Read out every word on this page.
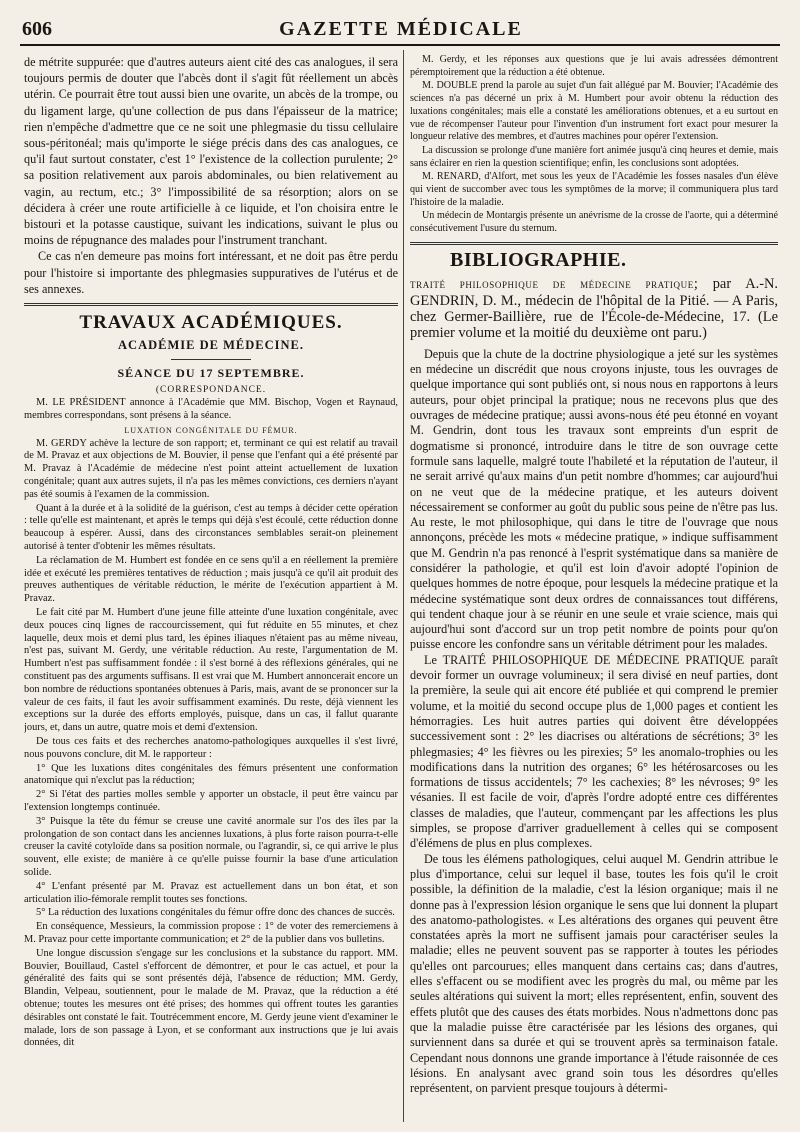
606	GAZETTE MÉDICALE

de métrite suppurée: que d'autres auteurs aient cité des cas analogues, il sera toujours permis de douter que l'abcès dont il s'agit fût réellement un abcès utérin. Ce pourrait être tout aussi bien une ovarite, un abcès de la trompe, ou du ligament large, qu'une collection de pus dans l'épaisseur de la matrice; rien n'empêche d'admettre que ce ne soit une phlegmasie du tissu cellulaire sous-péritonéal; mais qu'importe le siége précis dans des cas analogues, ce qu'il faut surtout constater, c'est 1° l'existence de la collection purulente; 2° sa position relativement aux parois abdominales, ou bien relativement au vagin, au rectum, etc.; 3° l'impossibilité de sa résorption; alors on se décidera à créer une route artificielle à ce liquide, et l'on choisira entre le bistouri et la potasse caustique, suivant les indications, suivant le plus ou moins de répugnance des malades pour l'instrument tranchant.

Ce cas n'en demeure pas moins fort intéressant, et ne doit pas être perdu pour l'histoire si importante des phlegmasies suppuratives de l'utérus et de ses annexes.

TRAVAUX ACADÉMIQUES.
ACADÉMIE DE MÉDECINE.
SÉANCE DU 17 SEPTEMBRE.
(CORRESPONDANCE.

M. LE PRÉSIDENT annonce à l'Académie que MM. Bischop, Vogen et Raynaud, membres correspondans, sont présens à la séance.

LUXATION CONGÉNITALE DU FÉMUR.

M. GERDY achève la lecture de son rapport; et, terminant ce qui est relatif au travail de M. Pravaz et aux objections de M. Bouvier, il pense que l'enfant qui a été présenté par M. Pravaz à l'Académie de médecine n'est point atteint actuellement de luxation congénitale; quant aux autres sujets, il n'a pas les mêmes convictions, ces derniers n'ayant pas été soumis à l'examen de la commission.

Quant à la durée et à la solidité de la guérison, c'est au temps à décider cette opération : telle qu'elle est maintenant, et après le temps qui déjà s'est écoulé, cette réduction donne beaucoup à espérer. Aussi, dans des circonstances semblables serait-on pleinement autorisé à tenter d'obtenir les mêmes résultats.

La réclamation de M. Humbert est fondée en ce sens qu'il a en réellement la première idée et exécuté les premières tentatives de réduction ; mais jusqu'à ce qu'il ait produit des preuves authentiques de véritable réduction, le mérite de l'exécution appartient à M. Pravaz.

Le fait cité par M. Humbert d'une jeune fille atteinte d'une luxation congénitale, avec deux pouces cinq lignes de raccourcissement, qui fut réduite en 55 minutes, et chez laquelle, deux mois et demi plus tard, les épines iliaques n'étaient pas au même niveau, n'est pas, suivant M. Gerdy, une véritable réduction. Au reste, l'argumentation de M. Humbert n'est pas suffisamment fondée : il s'est borné à des réflexions générales, qui ne constituent pas des arguments suffisans. Il est vrai que M. Humbert annoncerait encore un bon nombre de réductions spontanées obtenues à Paris, mais, avant de se prononcer sur la valeur de ces faits, il faut les avoir suffisamment examinés. Du reste, déjà viennent les exceptions sur la durée des efforts employés, puisque, dans un cas, il fallut quarante jours, et, dans un autre, quatre mois et demi d'extension.

De tous ces faits et des recherches anatomo-pathologiques auxquelles il s'est livré, nous pouvons conclure, dit M. le rapporteur :

1° Que les luxations dites congénitales des fémurs présentent une conformation anatomique qui n'exclut pas la réduction;

2° Si l'état des parties molles semble y apporter un obstacle, il peut être vaincu par l'extension longtemps continuée.

3° Puisque la tête du fémur se creuse une cavité anormale sur l'os des îles par la prolongation de son contact dans les anciennes luxations, à plus forte raison pourra-t-elle creuser la cavité cotyloïde dans sa position normale, ou l'agrandir, si, ce qui arrive le plus souvent, elle existe; de manière à ce qu'elle puisse fournir la base d'une articulation solide.

4° L'enfant présenté par M. Pravaz est actuellement dans un bon état, et son articulation ilio-fémorale remplit toutes ses fonctions.

5° La réduction des luxations congénitales du fémur offre donc des chances de succès.

En conséquence, Messieurs, la commission propose : 1° de voter des remerciemens à M. Pravaz pour cette importante communication; et 2° de la publier dans vos bulletins.

Une longue discussion s'engage sur les conclusions et la substance du rapport. MM. Bouvier, Bouillaud, Castel s'efforcent de démontrer, et pour le cas actuel, et pour la généralité des faits qui se sont présentés déjà, l'absence de réduction; MM. Gerdy, Blandin, Velpeau, soutiennent, pour le malade de M. Pravaz, que la réduction a été obtenue; toutes les mesures ont été prises; des hommes qui offrent toutes les garanties désirables ont constaté le fait. Toutrécemment encore, M. Gerdy jeune vient d'examiner le malade, lors de son passage à Lyon, et se conformant aux instructions que je lui avais données, dit

M. Gerdy, et les réponses aux questions que je lui avais adressées démontrent péremptoirement que la réduction a été obtenue.

M. DOUBLE prend la parole au sujet d'un fait allégué par M. Bouvier; l'Académie des sciences n'a pas décerné un prix à M. Humbert pour avoir obtenu la réduction des luxations congénitales; mais elle a constaté les améliorations obtenues, et a eu surtout en vue de récompenser l'auteur pour l'invention d'un instrument fort exact pour mesurer la longueur relative des membres, et d'autres machines pour opérer l'extension.

La discussion se prolonge d'une manière fort animée jusqu'à cinq heures et demie, mais sans éclairer en rien la question scientifique; enfin, les conclusions sont adoptées.

M. RENARD, d'Alfort, met sous les yeux de l'Académie les fosses nasales d'un élève qui vient de succomber avec tous les symptômes de la morve; il communiquera plus tard l'histoire de la maladie.

Un médecin de Montargis présente un anévrisme de la crosse de l'aorte, qui a déterminé consécutivement l'usure du sternum.

BIBLIOGRAPHIE.
TRAITÉ PHILOSOPHIQUE DE MÉDECINE PRATIQUE; par A.-N. GENDRIN, D. M., médecin de l'hôpital de la Pitié. — A Paris, chez Germer-Baillière, rue de l'École-de-Médecine, 17. (Le premier volume et la moitié du deuxième ont paru.)

Depuis que la chute de la doctrine physiologique a jeté sur les systèmes en médecine un discrédit que nous croyons injuste, tous les ouvrages de quelque importance qui sont publiés ont, si nous nous en rapportons à leurs auteurs, pour objet principal la pratique; nous ne recevons plus que des ouvrages de médecine pratique; aussi avons-nous été peu étonné en voyant M. Gendrin, dont tous les travaux sont empreints d'un esprit de dogmatisme si prononcé, introduire dans le titre de son ouvrage cette formule sans laquelle, malgré toute l'habileté et la réputation de l'auteur, il ne serait arrivé qu'aux mains d'un petit nombre d'hommes; car aujourd'hui on ne veut que de la médecine pratique, et les auteurs doivent nécessairement se conformer au goût du public sous peine de n'être pas lus. Au reste, le mot philosophique, qui dans le titre de l'ouvrage que nous annonçons, précède les mots « médecine pratique, » indique suffisamment que M. Gendrin n'a pas renoncé à l'esprit systématique dans sa manière de considérer la pathologie, et qu'il est loin d'avoir adopté l'opinion de quelques hommes de notre époque, pour lesquels la médecine pratique et la médecine systématique sont deux ordres de connaissances tout différens, qui tendent chaque jour à se réunir en une seule et vraie science, mais qui aujourd'hui sont d'accord sur un trop petit nombre de points pour qu'on puisse encore les confondre sans un véritable détriment pour les malades.

Le TRAITÉ PHILOSOPHIQUE DE MÉDECINE PRATIQUE paraît devoir former un ouvrage volumineux; il sera divisé en neuf parties, dont la première, la seule qui ait encore été publiée et qui comprend le premier volume, et la moitié du second occupe plus de 1,000 pages et contient les hémorragies. Les huit autres parties qui doivent être développées successivement sont : 2° les diacrises ou altérations de sécrétions; 3° les phlegmasies; 4° les fièvres ou les pirexies; 5° les anomalo-trophies ou les modifications dans la nutrition des organes; 6° les hétérosarcoses ou les formations de tissus accidentels; 7° les cachexies; 8° les névroses; 9° les vésanies. Il est facile de voir, d'après l'ordre adopté entre ces différentes classes de maladies, que l'auteur, commençant par les affections les plus simples, se propose d'arriver graduellement à celles qui se composent d'élémens de plus en plus complexes.

De tous les élémens pathologiques, celui auquel M. Gendrin attribue le plus d'importance, celui sur lequel il base, toutes les fois qu'il le croit possible, la définition de la maladie, c'est la lésion organique; mais il ne donne pas à l'expression lésion organique le sens que lui donnent la plupart des anatomo-pathologistes. « Les altérations des organes qui peuvent être constatées après la mort ne suffisent jamais pour caractériser seules la maladie; elles ne peuvent souvent pas se rapporter à toutes les périodes qu'elles ont parcourues; elles manquent dans certains cas; dans d'autres, elles s'effacent ou se modifient avec les progrès du mal, ou même par les seules altérations qui suivent la mort; elles représentent, enfin, souvent des effets plutôt que des causes des états morbides. Nous n'admettons donc pas que la maladie puisse être caractérisée par les lésions des organes, qui surviennent dans sa durée et qui se trouvent après sa terminaison fatale. Cependant nous donnons une grande importance à l'étude raisonnée de ces lésions. En analysant avec grand soin tous les désordres qu'elles représentent, on parvient presque toujours à détermi-
